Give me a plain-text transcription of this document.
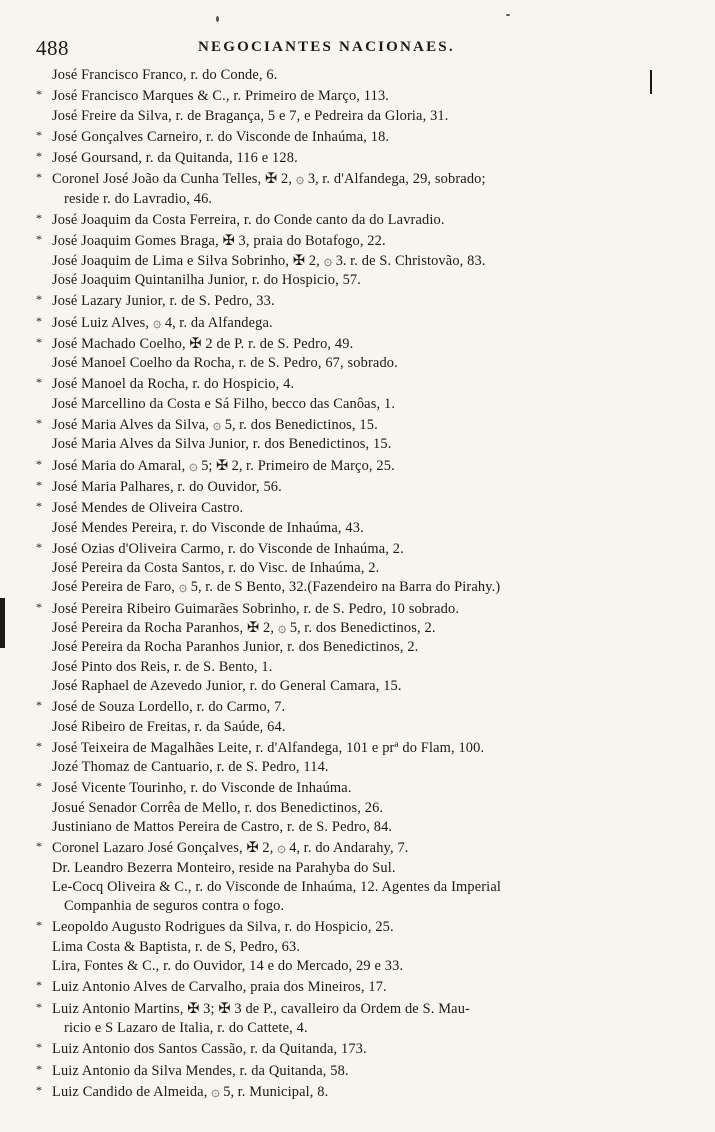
488	NEGOCIANTES NACIONAES.
José Francisco Franco, r. do Conde, 6.
* José Francisco Marques & C., r. Primeiro de Março, 113.
José Freire da Silva, r. de Bragança, 5 e 7, e Pedreira da Gloria, 31.
* José Gonçalves Carneiro, r. do Visconde de Inhaúma, 18.
* José Goursand, r. da Quitanda, 116 e 128.
* Coronel José João da Cunha Telles, ✠ 2, ۞ 3, r. d'Alfandega, 29, sobrado;
reside r. do Lavradio, 46.
* José Joaquim da Costa Ferreira, r. do Conde canto da do Lavradio.
* José Joaquim Gomes Braga, ✠ 3, praia do Botafogo, 22.
José Joaquim de Lima e Silva Sobrinho, ✠ 2, ۞ 3. r. de S. Christovão, 83.
José Joaquim Quintanilha Junior, r. do Hospicio, 57.
* José Lazary Junior, r. de S. Pedro, 33.
* José Luiz Alves, ۞ 4, r. da Alfandega.
* José Machado Coelho, ✠ 2 de P. r. de S. Pedro, 49.
José Manoel Coelho da Rocha, r. de S. Pedro, 67, sobrado.
* José Manoel da Rocha, r. do Hospicio, 4.
José Marcellino da Costa e Sá Filho, becco das Canôas, 1.
* José Maria Alves da Silva, ۞ 5, r. dos Benedictinos, 15.
José Maria Alves da Silva Junior, r. dos Benedictinos, 15.
* José Maria do Amaral, ۞ 5; ✠ 2, r. Primeiro de Março, 25.
* José Maria Palhares, r. do Ouvidor, 56.
* José Mendes de Oliveira Castro.
José Mendes Pereira, r. do Visconde de Inhaúma, 43.
* José Ozias d'Oliveira Carmo, r. do Visconde de Inhaúma, 2.
José Pereira da Costa Santos, r. do Visc. de Inhaúma, 2.
José Pereira de Faro, ۞ 5, r. de S Bento, 32.(Fazendeiro na Barra do Pirahy.)
* José Pereira Ribeiro Guimarães Sobrinho, r. de S. Pedro, 10 sobrado.
José Pereira da Rocha Paranhos, ✠ 2, ۞ 5, r. dos Benedictinos, 2.
José Pereira da Rocha Paranhos Junior, r. dos Benedictinos, 2.
José Pinto dos Reis, r. de S. Bento, 1.
José Raphael de Azevedo Junior, r. do General Camara, 15.
* José de Souza Lordello, r. do Carmo, 7.
José Ribeiro de Freitas, r. da Saúde, 64.
* José Teixeira de Magalhães Leite, r. d'Alfandega, 101 e prª do Flam, 100.
Jozé Thomaz de Cantuario, r. de S. Pedro, 114.
* José Vicente Tourinho, r. do Visconde de Inhaúma.
Josué Senador Corrêa de Mello, r. dos Benedictinos, 26.
Justiniano de Mattos Pereira de Castro, r. de S. Pedro, 84.
* Coronel Lazaro José Gonçalves, ✠ 2, ۞ 4, r. do Andarahy, 7.
Dr. Leandro Bezerra Monteiro, reside na Parahyba do Sul.
Le-Cocq Oliveira & C., r. do Visconde de Inhaúma, 12. Agentes da Imperial
Companhia de seguros contra o fogo.
* Leopoldo Augusto Rodrigues da Silva, r. do Hospicio, 25.
Lima Costa & Baptista, r. de S, Pedro, 63.
Lira, Fontes & C., r. do Ouvidor, 14 e do Mercado, 29 e 33.
* Luiz Antonio Alves de Carvalho, praia dos Mineiros, 17.
* Luiz Antonio Martins, ✠ 3; ✠ 3 de P., cavalleiro da Ordem de S. Mau-
ricio e S Lazaro de Italia, r. do Cattete, 4.
* Luiz Antonio dos Santos Cassão, r. da Quitanda, 173.
* Luiz Antonio da Silva Mendes, r. da Quitanda, 58.
* Luiz Candido de Almeida, ۞ 5, r. Municipal, 8.
